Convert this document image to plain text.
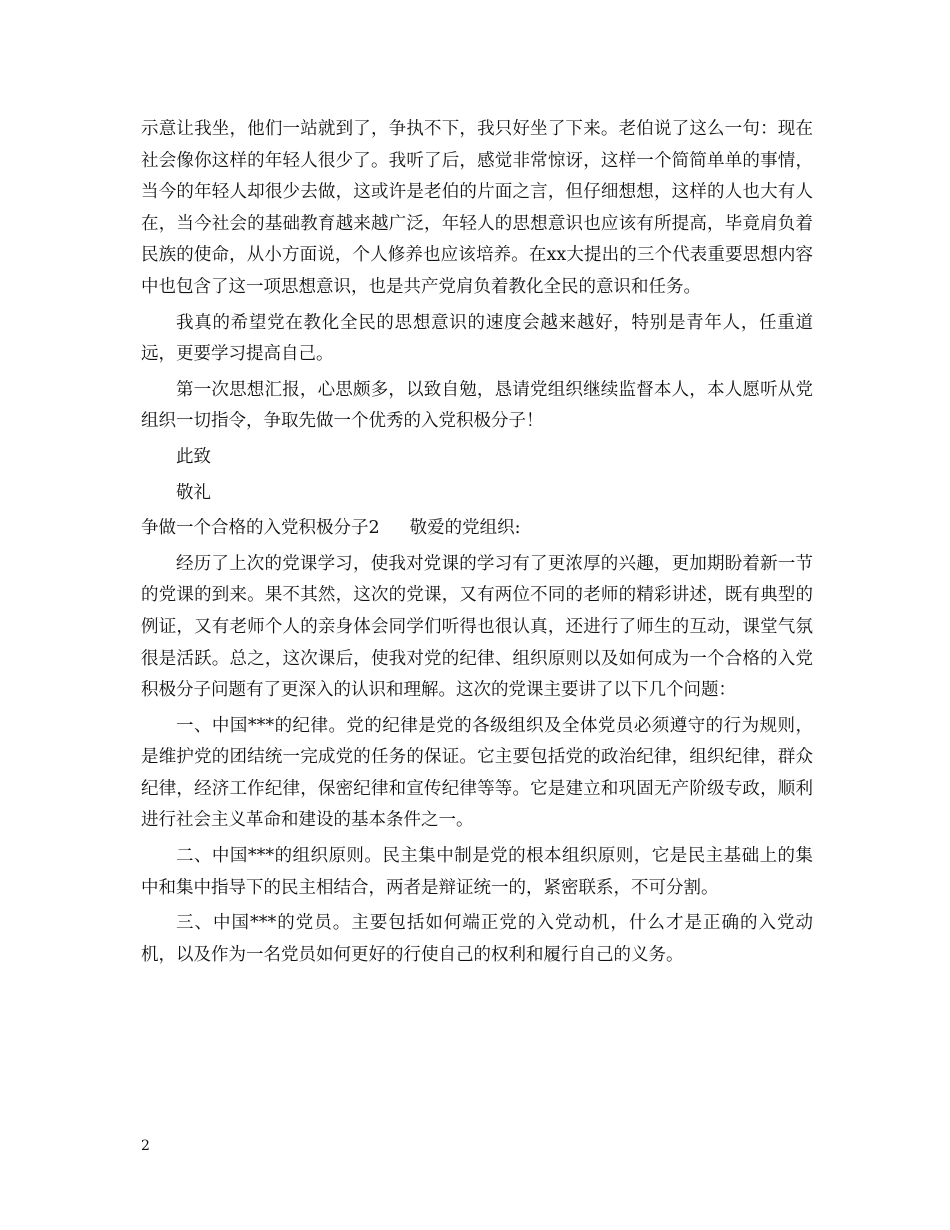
示意让我坐，他们一站就到了，争执不下，我只好坐了下来。老伯说了这么一句：现在社会像你这样的年轻人很少了。我听了后，感觉非常惊讶，这样一个简简单单的事情，当今的年轻人却很少去做，这或许是老伯的片面之言，但仔细想想，这样的人也大有人在，当今社会的基础教育越来越广泛，年轻人的思想意识也应该有所提高，毕竟肩负着民族的使命，从小方面说，个人修养也应该培养。在xx大提出的三个代表重要思想内容中也包含了这一项思想意识，也是共产党肩负着教化全民的意识和任务。

我真的希望党在教化全民的思想意识的速度会越来越好，特别是青年人，任重道远，更要学习提高自己。

第一次思想汇报，心思颇多，以致自勉，恳请党组织继续监督本人，本人愿听从党组织一切指令，争取先做一个优秀的入党积极分子！

此致

敬礼

争做一个合格的入党积极分子2 敬爱的党组织:

经历了上次的党课学习，使我对党课的学习有了更浓厚的兴趣，更加期盼着新一节的党课的到来。果不其然，这次的党课，又有两位不同的老师的精彩讲述，既有典型的例证，又有老师个人的亲身体会同学们听得也很认真，还进行了师生的互动，课堂气氛很是活跃。总之，这次课后，使我对党的纪律、组织原则以及如何成为一个合格的入党积极分子问题有了更深入的认识和理解。这次的党课主要讲了以下几个问题：

一、中国***的纪律。党的纪律是党的各级组织及全体党员必须遵守的行为规则，是维护党的团结统一完成党的任务的保证。它主要包括党的政治纪律，组织纪律，群众纪律，经济工作纪律，保密纪律和宣传纪律等等。它是建立和巩固无产阶级专政，顺利进行社会主义革命和建设的基本条件之一。

二、中国***的组织原则。民主集中制是党的根本组织原则，它是民主基础上的集中和集中指导下的民主相结合，两者是辩证统一的，紧密联系，不可分割。

三、中国***的党员。主要包括如何端正党的入党动机，什么才是正确的入党动机，以及作为一名党员如何更好的行使自己的权利和履行自己的义务。

2
